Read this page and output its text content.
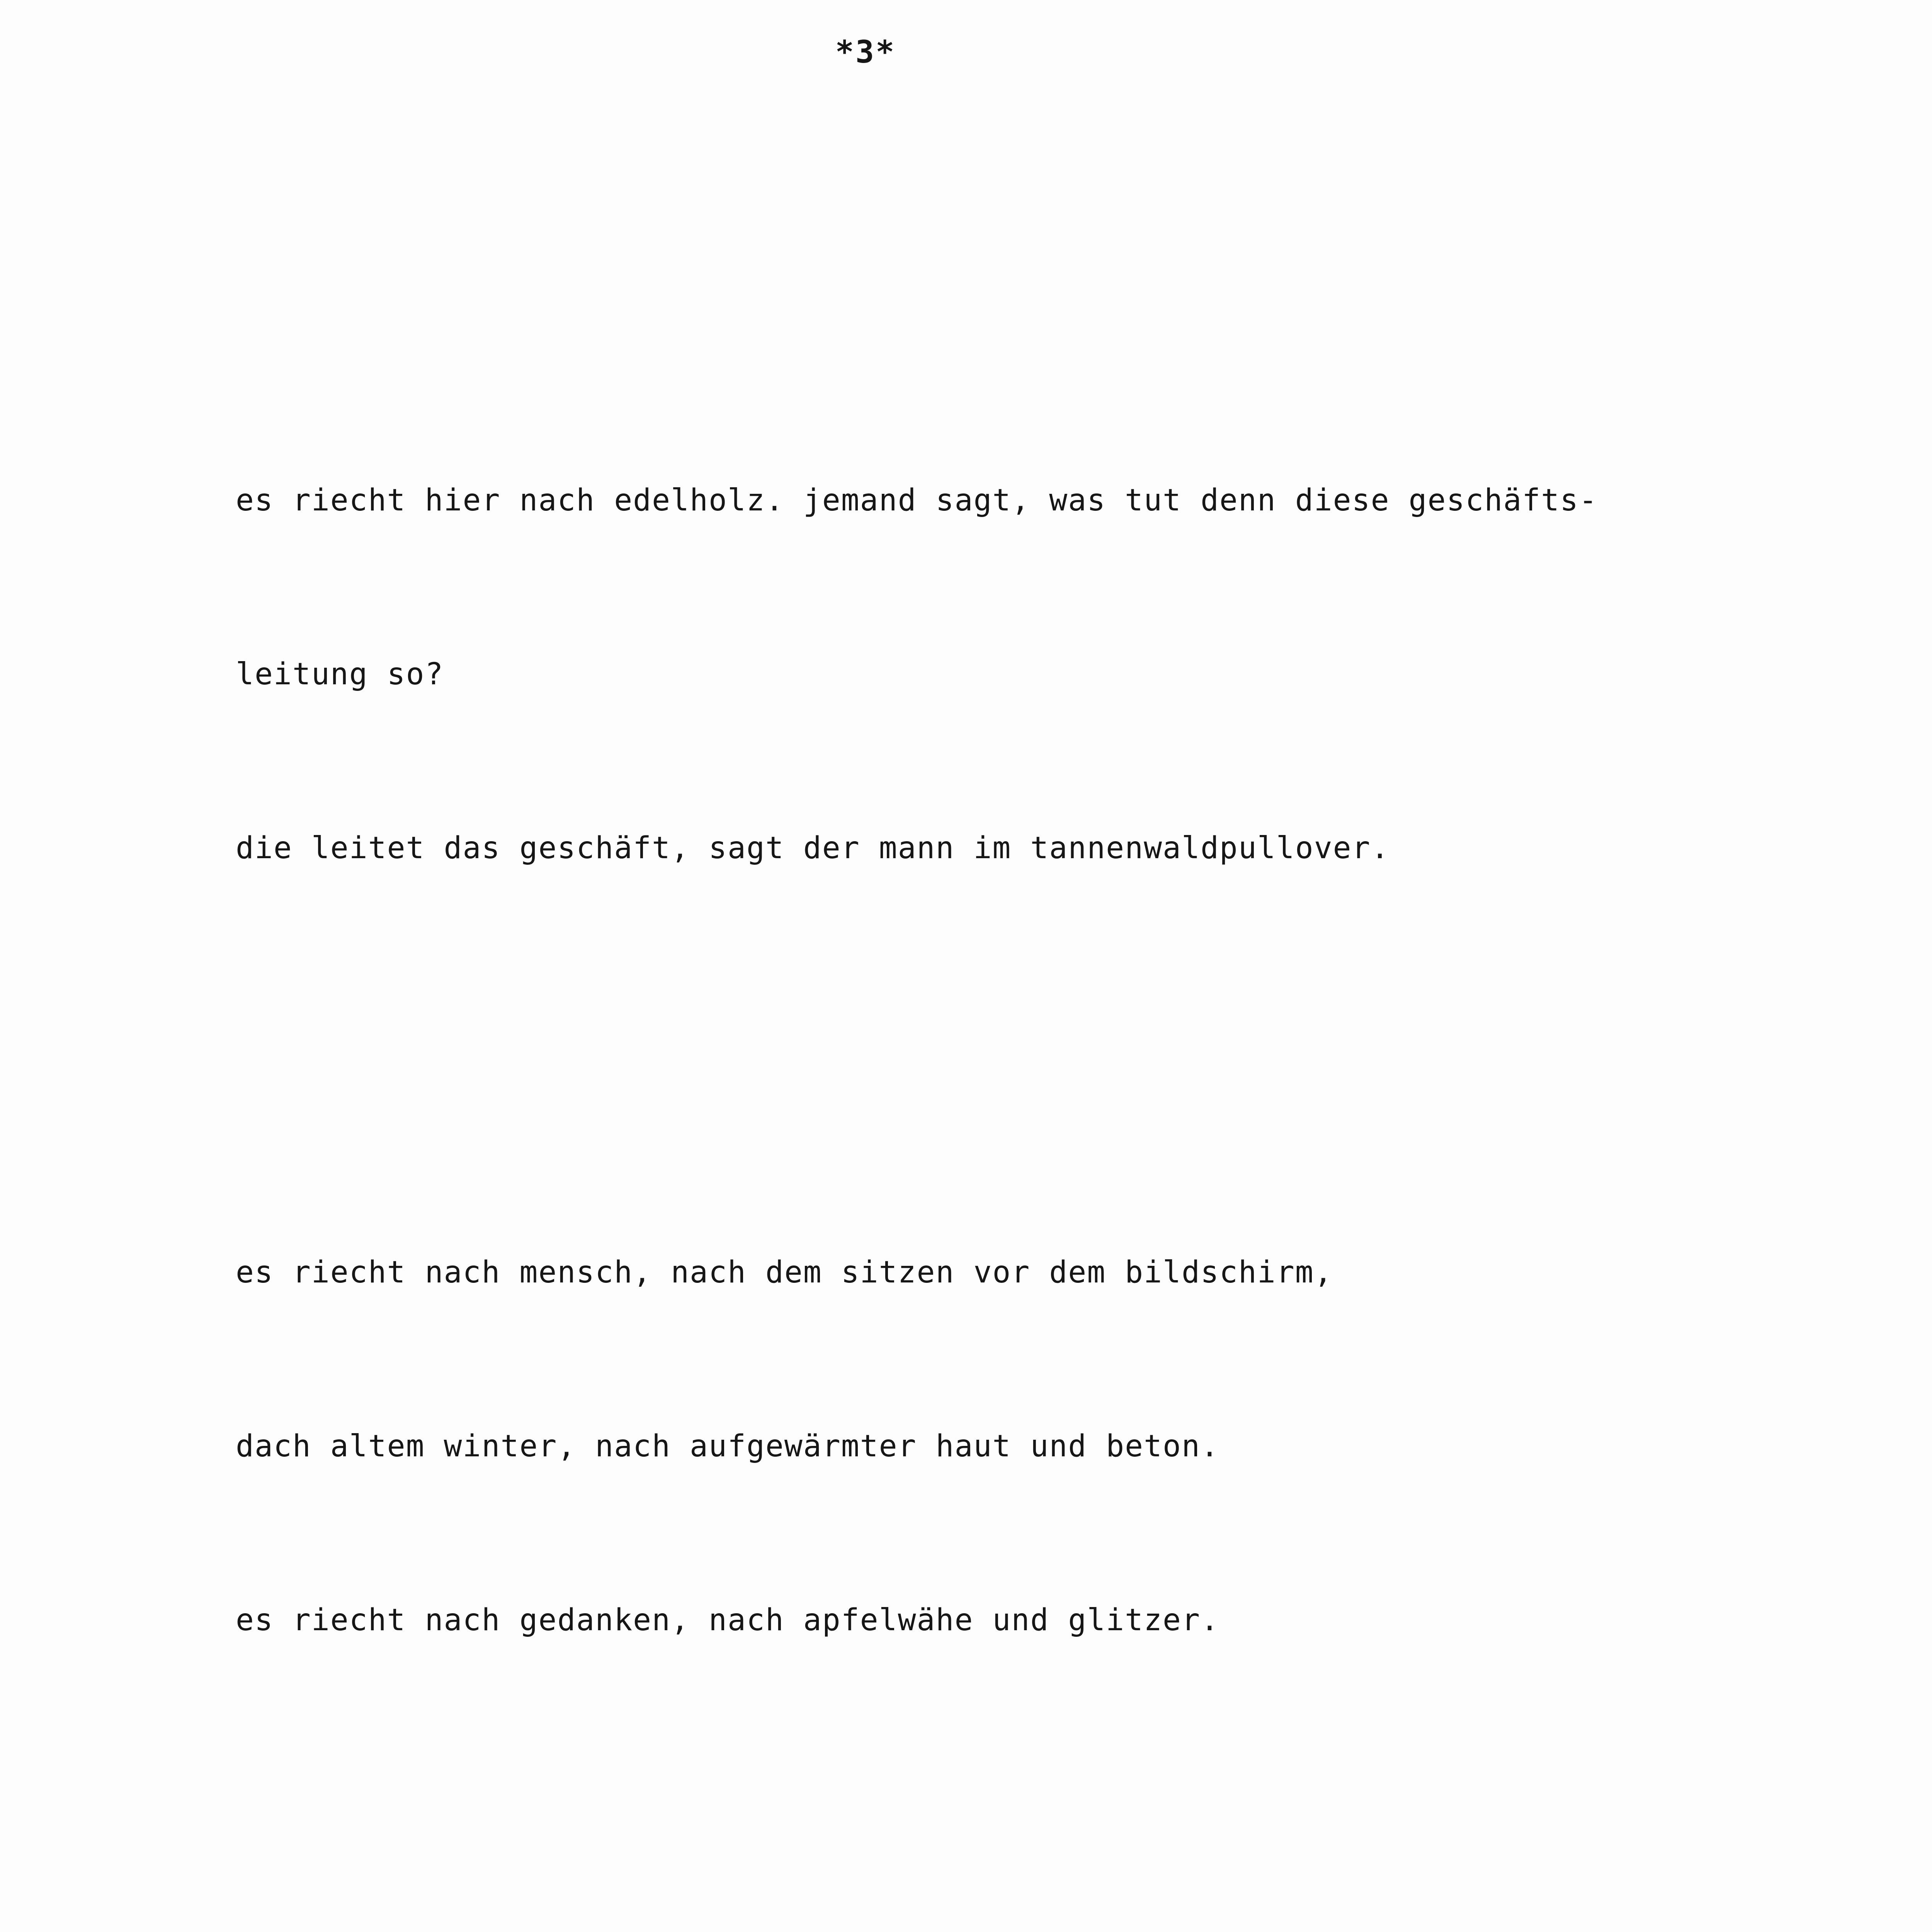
*3*

es riecht hier nach edelholz. jemand sagt, was tut denn diese geschäfts-

leitung so?

die leitet das geschäft, sagt der mann im tannenwaldpullover.

es riecht nach mensch, nach dem sitzen vor dem bildschirm,

dach altem winter, nach aufgewärmter haut und beton.

es riecht nach gedanken, nach apfelwähe und glitzer.
